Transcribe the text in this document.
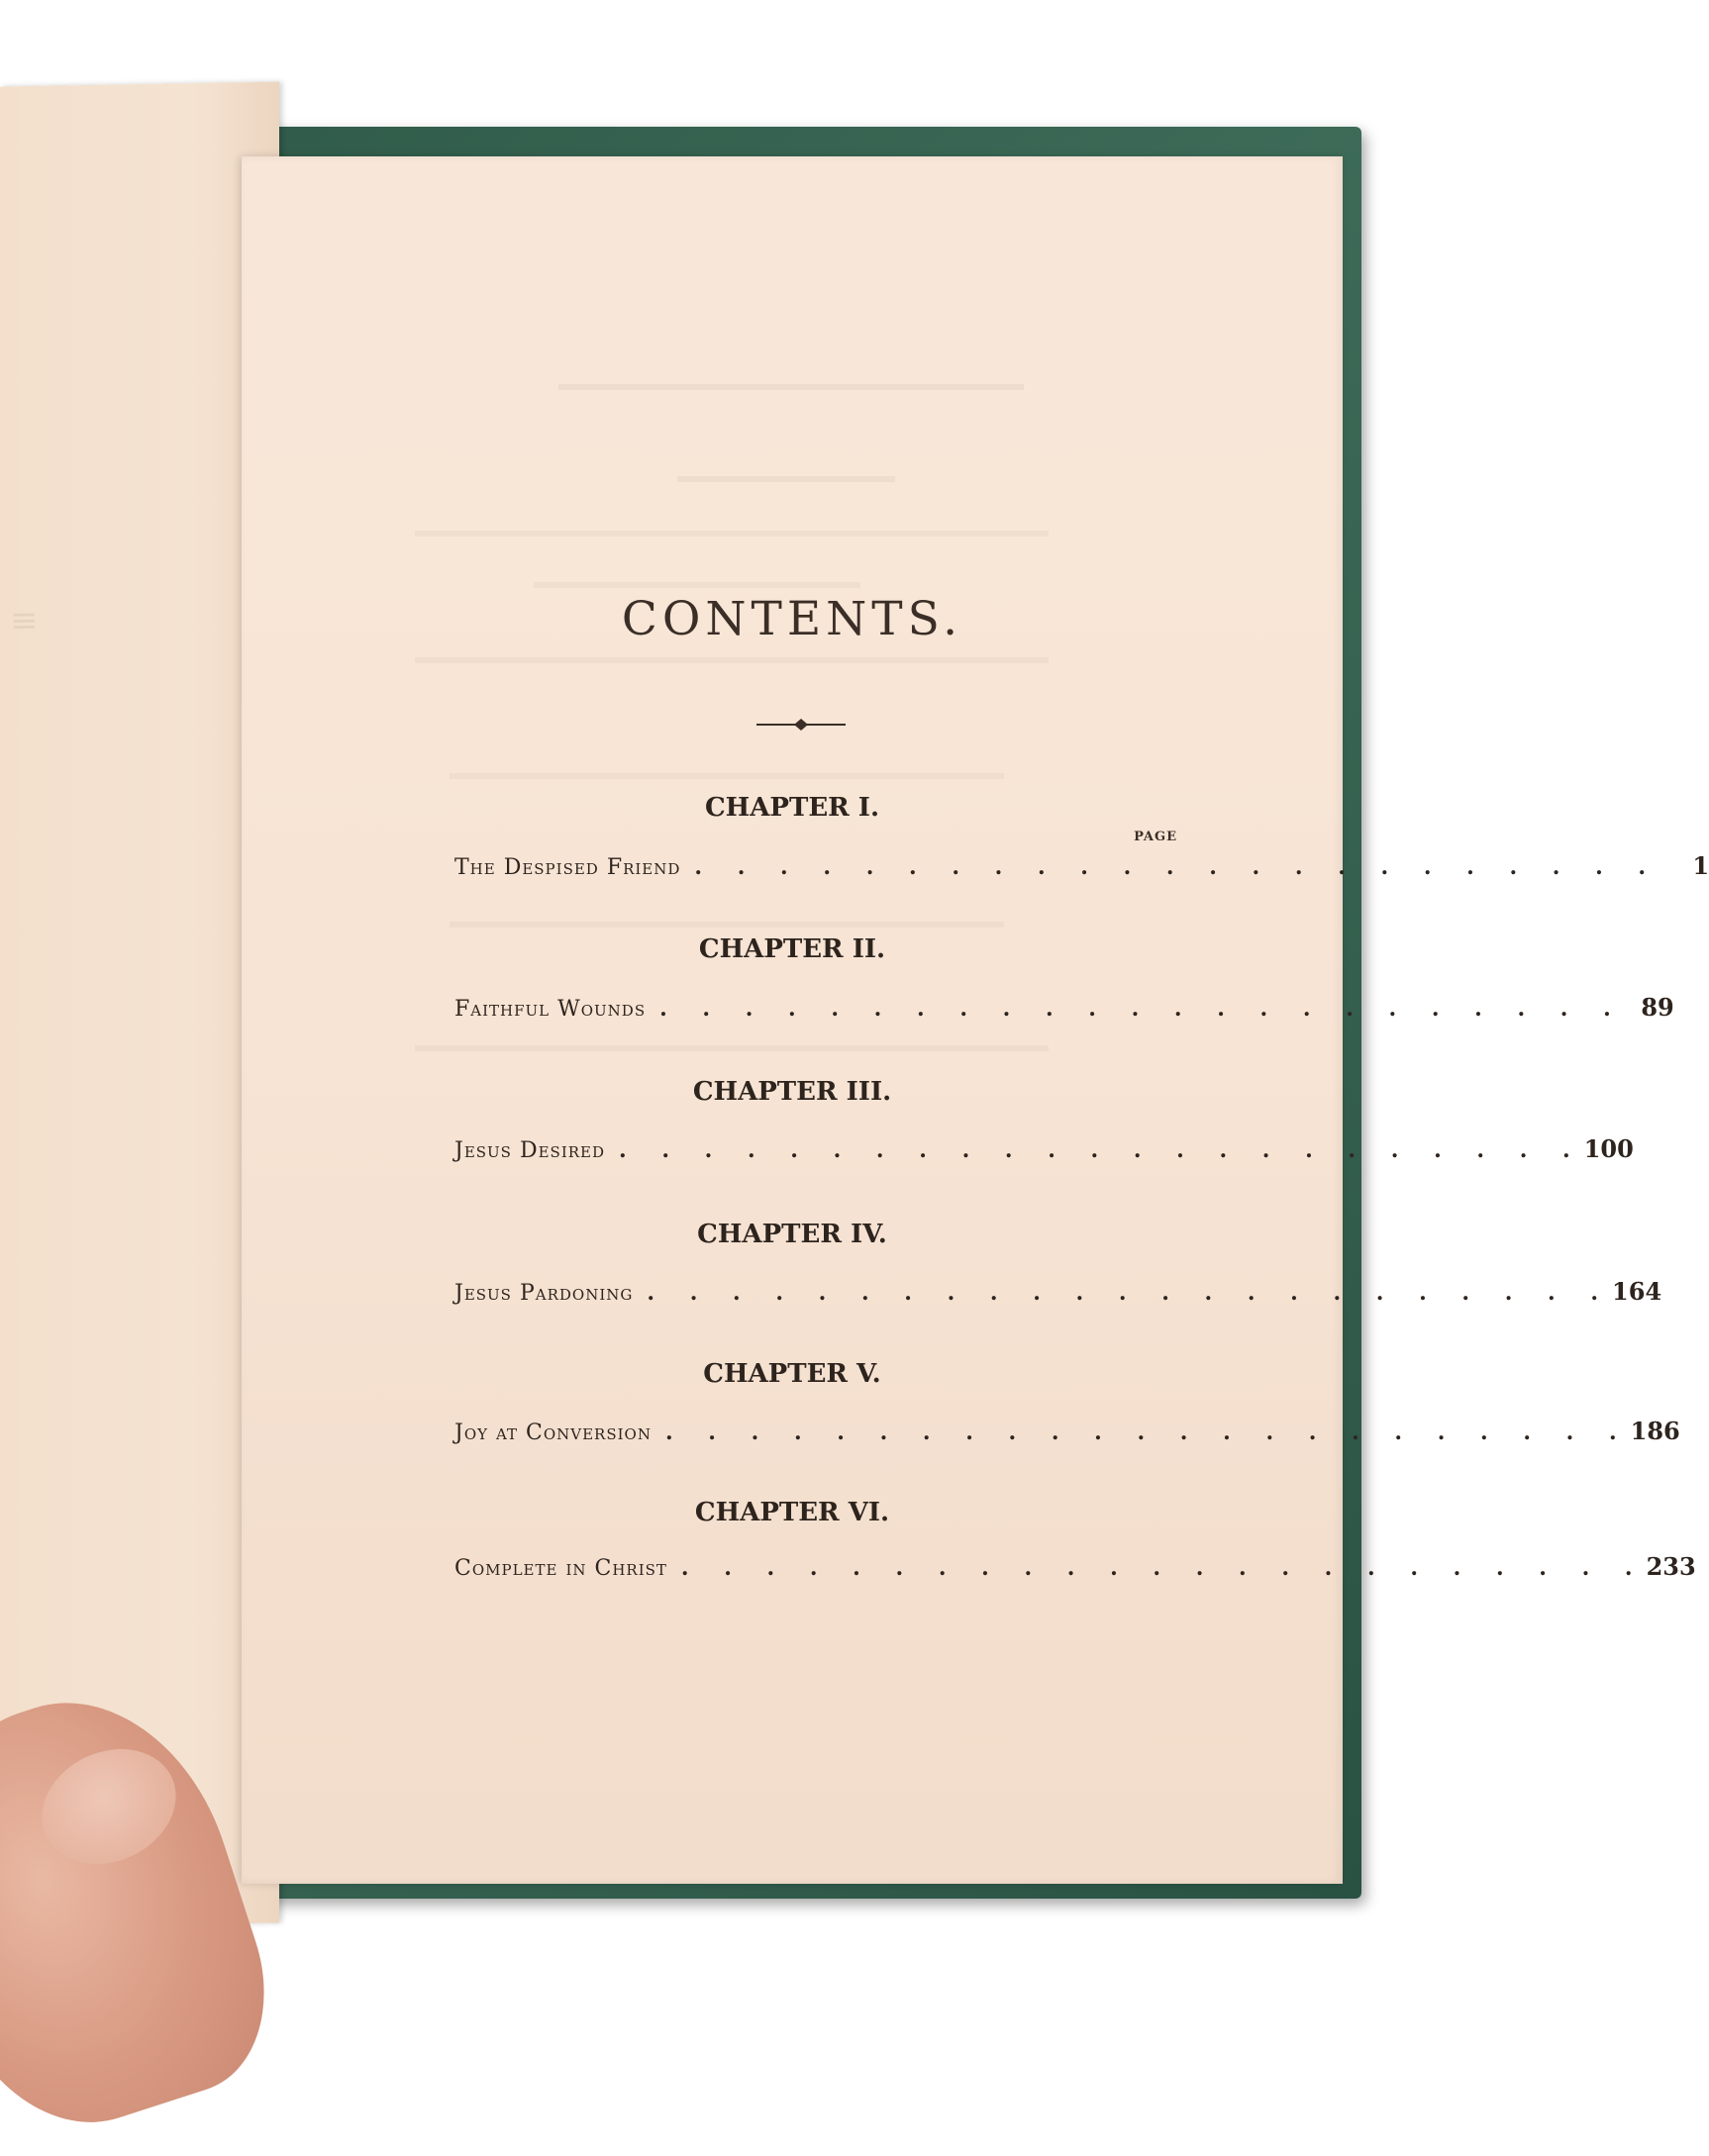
≡	CONTENTS.
CHAPTER I.
PAGE
The Despised Friend . . . . . . . . . . . . . . . . . . . . . . .	1
CHAPTER II.
Faithful Wounds . . . . . . . . . . . . . . . . . . . . . . . 89
CHAPTER III.
Jesus Desired . . . . . . . . . . . . . . . . . . . . . . . 100
CHAPTER IV.
Jesus Pardoning . . . . . . . . . . . . . . . . . . . . . . . 164
CHAPTER V.
Joy at Conversion . . . . . . . . . . . . . . . . . . . . . . . 186
CHAPTER VI.
Complete in Christ . . . . . . . . . . . . . . . . . . . . . . . 233
